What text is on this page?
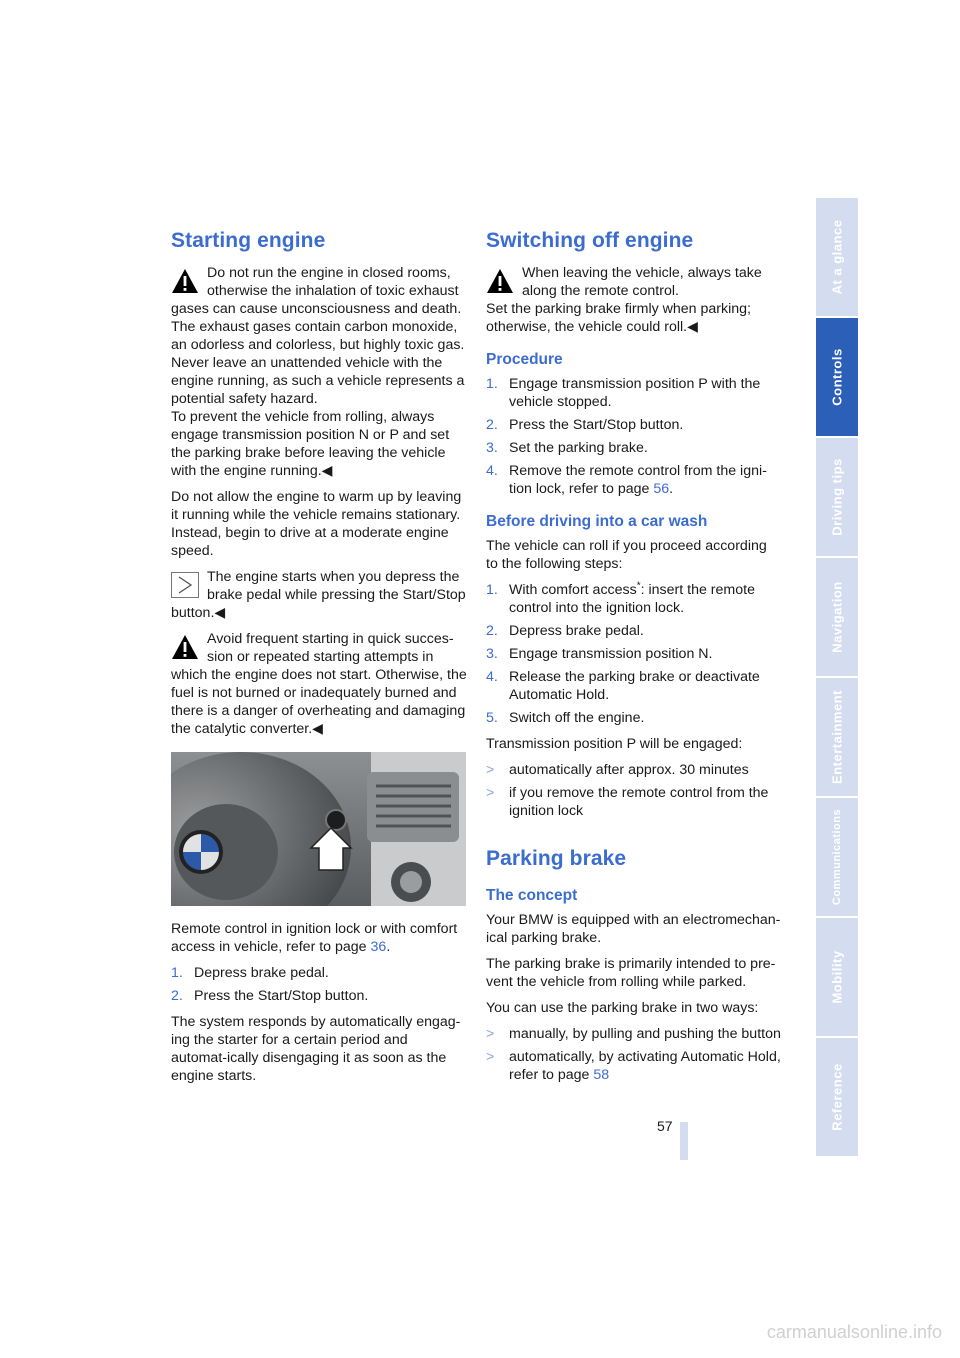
Starting engine
Do not run the engine in closed rooms,
otherwise the inhalation of toxic exhaust
gases can cause unconsciousness and death. The exhaust gases contain carbon monoxide, an odorless and colorless, but highly toxic gas. Never leave an unattended vehicle with the engine running, as such a vehicle represents a potential safety hazard.
To prevent the vehicle from rolling, always engage transmission position N or P and set the parking brake before leaving the vehicle with the engine running.◀

Do not allow the engine to warm up by leaving it running while the vehicle remains stationary. Instead, begin to drive at a moderate engine speed.

The engine starts when you depress the
brake pedal while pressing the Start/Stop
button.◀
Avoid frequent starting in quick succes-
sion or repeated starting attempts in
which the engine does not start. Otherwise, the fuel is not burned or inadequately burned and there is a danger of overheating and damaging the catalytic converter.◀

Remote control in ignition lock or with comfort access in vehicle, refer to page 36.

1. Depress brake pedal.
2. Press the Start/Stop button.

The system responds by automatically engag-ing the starter for a certain period and automat-ically disengaging it as soon as the engine starts.

Switching off engine
When leaving the vehicle, always take
along the remote control.
Set the parking brake firmly when parking; otherwise, the vehicle could roll.◀
Procedure
1. Engage transmission position P with the vehicle stopped.
2. Press the Start/Stop button.
3. Set the parking brake.
4. Remove the remote control from the igni-tion lock, refer to page 56.
Before driving into a car wash

The vehicle can roll if you proceed according to the following steps:

1. With comfort access*: insert the remote control into the ignition lock.
2. Depress brake pedal.
3. Engage transmission position N.
4. Release the parking brake or deactivate Automatic Hold.
5. Switch off the engine.

Transmission position P will be engaged:

> automatically after approx. 30 minutes
> if you remove the remote control from the ignition lock
Parking brake
The concept

Your BMW is equipped with an electromechan-ical parking brake.

The parking brake is primarily intended to pre-vent the vehicle from rolling while parked.

You can use the parking brake in two ways:

> manually, by pulling and pushing the button
> automatically, by activating Automatic Hold, refer to page 58
At a glance
Controls
Driving tips
Navigation
Entertainment
Communications
Mobility
Reference
57
carmanualsonline.info
